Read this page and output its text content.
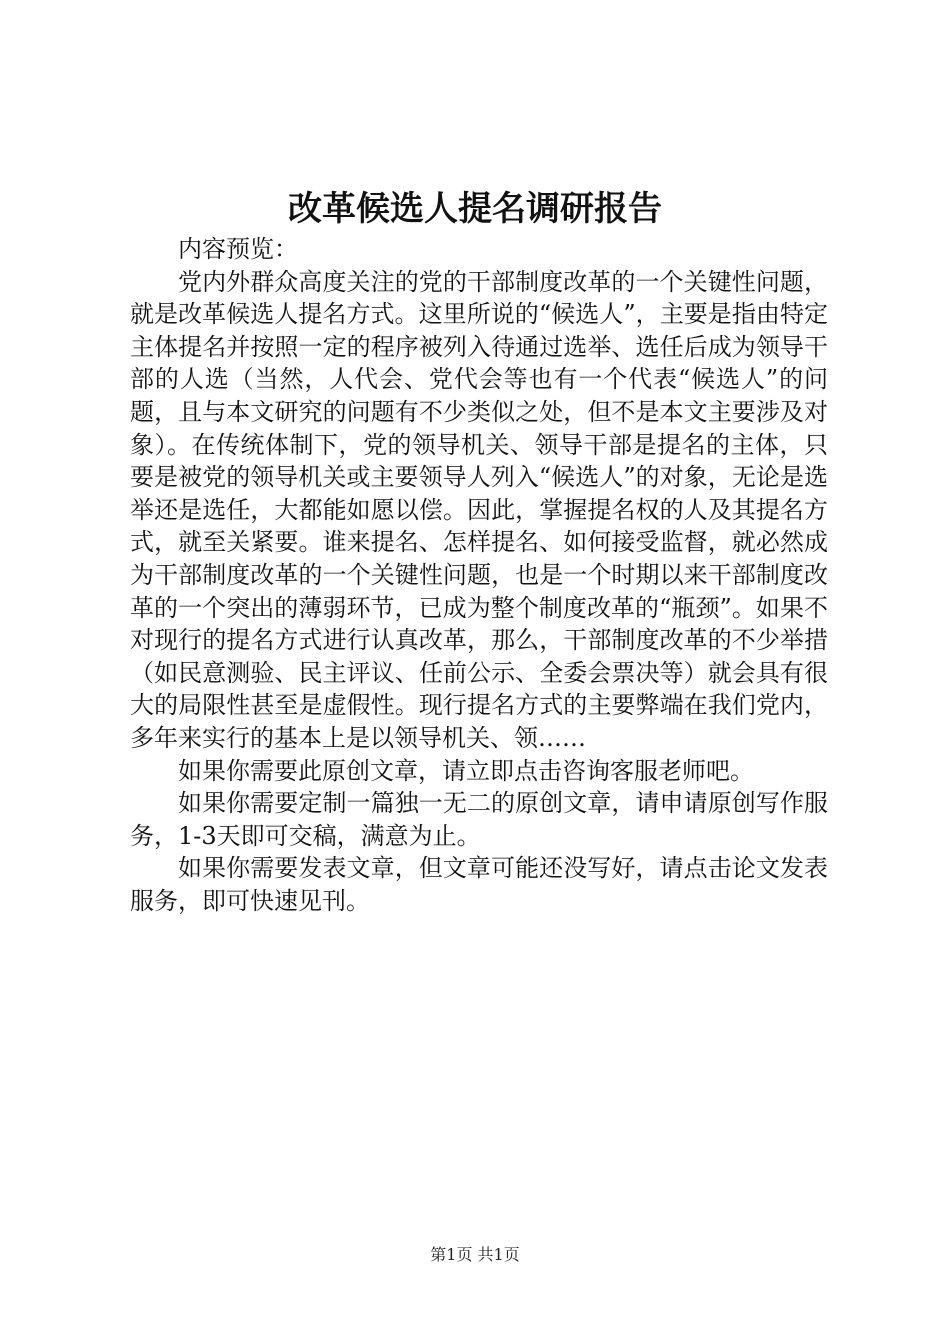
改革候选人提名调研报告

内容预览：

党内外群众高度关注的党的干部制度改革的一个关键性问题，就是改革候选人提名方式。这里所说的“候选人”，主要是指由特定主体提名并按照一定的程序被列入待通过选举、选任后成为领导干部的人选（当然，人代会、党代会等也有一个代表“候选人”的问题，且与本文研究的问题有不少类似之处，但不是本文主要涉及对象）。在传统体制下，党的领导机关、领导干部是提名的主体，只要是被党的领导机关或主要领导人列入“候选人”的对象，无论是选举还是选任，大都能如愿以偿。因此，掌握提名权的人及其提名方式，就至关紧要。谁来提名、怎样提名、如何接受监督，就必然成为干部制度改革的一个关键性问题，也是一个时期以来干部制度改革的一个突出的薄弱环节，已成为整个制度改革的“瓶颈”。如果不对现行的提名方式进行认真改革，那么，干部制度改革的不少举措（如民意测验、民主评议、任前公示、全委会票决等）就会具有很大的局限性甚至是虚假性。现行提名方式的主要弊端在我们党内，多年来实行的基本上是以领导机关、领……

如果你需要此原创文章，请立即点击咨询客服老师吧。

如果你需要定制一篇独一无二的原创文章，请申请原创写作服务，1-3天即可交稿，满意为止。

如果你需要发表文章，但文章可能还没写好，请点击论文发表服务，即可快速见刊。

第1页 共1页
